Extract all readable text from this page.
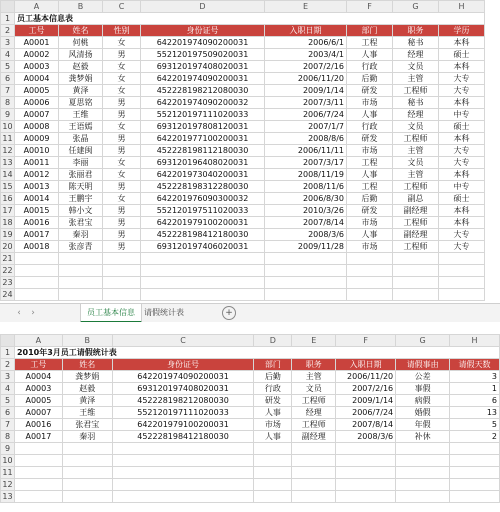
	A	B	C	D	E	F	G	H
1	员工基本信息表							
2	工号	姓名	性别	身份证号	入职日期	部门	职务	学历
3	A0001	何桃	女	642201974090200031	2006/6/1	工程	秘书	本科
4	A0002	风清扬	男	552120197509020031	2003/4/1	人事	经理	硕士
5	A0003	赵毅	女	693120197408020031	2007/2/16	行政	文员	本科
6	A0004	龚梦娟	女	642201974090200031	2006/11/20	后勤	主管	大专
7	A0005	黄泽	女	452228198212080030	2009/1/14	研发	工程师	大专
8	A0006	夏思铭	男	642201974090200032	2007/3/11	市场	秘书	本科
9	A0007	王维	男	552120197111020033	2006/7/24	人事	经理	中专
10	A0008	王语嫣	女	693120197808120031	2007/1/7	行政	文员	硕士
11	A0009	张晶	男	642201977100200031	2008/8/6	研发	工程师	本科
12	A0010	任建闽	男	452228198112180030	2006/11/11	市场	主管	大专
13	A0011	李丽	女	693120196408020031	2007/3/17	工程	文员	大专
14	A0012	张丽君	女	642201973040200031	2008/11/19	人事	主管	本科
15	A0013	陈天明	男	452228198312280030	2008/11/6	工程	工程师	中专
16	A0014	王鹏宇	女	642201976090300032	2006/8/30	后勤	副总	硕士
17	A0015	韩小文	男	552120197511020033	2010/3/26	研发	副经理	本科
18	A0016	张君宝	男	642201979100200031	2007/8/14	市场	工程师	本科
19	A0017	秦羽	男	452228198412180030	2008/3/6	人事	副经理	大专
20	A0018	张彦青	男	693120197406020031	2009/11/28	市场	工程师	大专
21								
22								
23								
24								
‹	›	员工基本信息	请假统计表	+
	A	B	C	D	E	F	G	H
1	2010年3月员工请假统计表							
2	工号	姓名	身份证号	部门	职务	入职日期	请假事由	请假天数
3	A0004	龚梦娟	642201974090200031	后勤	主管	2006/11/20	公差	3
4	A0003	赵毅	693120197408020031	行政	文员	2007/2/16	事假	1
5	A0005	黄泽	452228198212080030	研发	工程师	2009/1/14	病假	6
6	A0007	王维	552120197111020033	人事	经理	2006/7/24	婚假	13
7	A0016	张君宝	642201979100200031	市场	工程师	2007/8/14	年假	5
8	A0017	秦羽	452228198412180030	人事	副经理	2008/3/6	补休	2
9								
10								
11								
12								
13								
